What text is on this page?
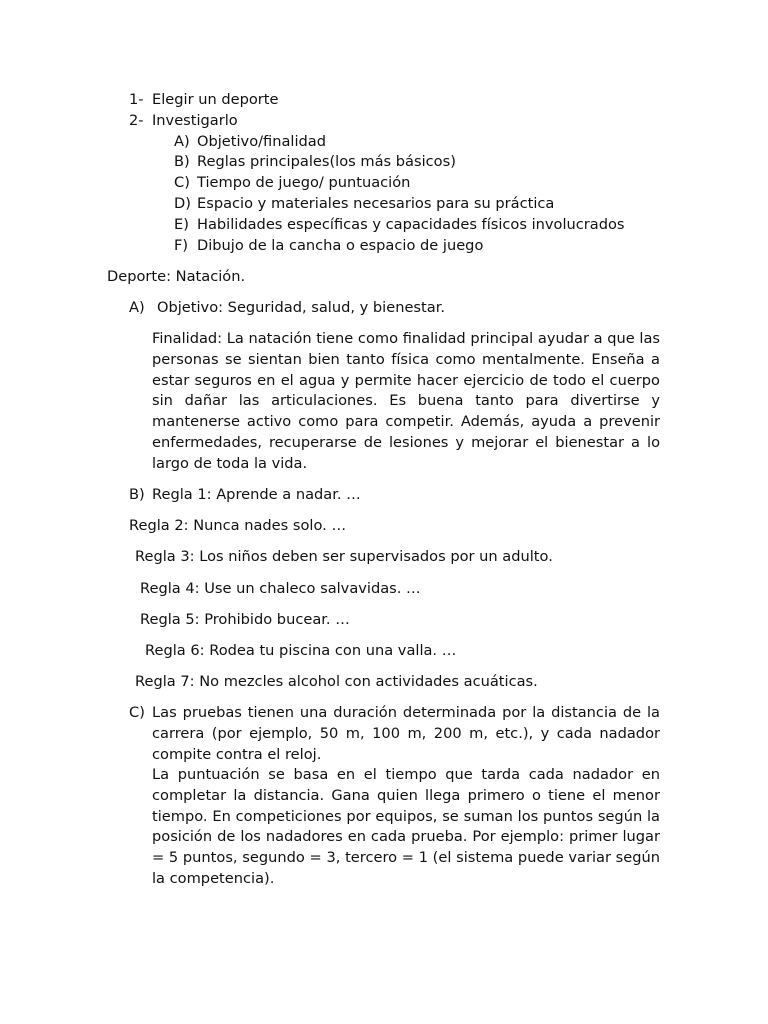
1- Elegir un deporte
2- Investigarlo
A) Objetivo/finalidad
B) Reglas principales(los más básicos)
C) Tiempo de juego/ puntuación
D) Espacio y materiales necesarios para su práctica
E) Habilidades específicas y capacidades físicos involucrados
F) Dibujo de la cancha o espacio de juego
Deporte: Natación.
A) Objetivo: Seguridad, salud, y bienestar.
Finalidad: La natación tiene como finalidad principal ayudar a que las personas se sientan bien tanto física como mentalmente. Enseña a estar seguros en el agua y permite hacer ejercicio de todo el cuerpo sin dañar las articulaciones. Es buena tanto para divertirse y mantenerse activo como para competir. Además, ayuda a prevenir enfermedades, recuperarse de lesiones y mejorar el bienestar a lo largo de toda la vida.
B) Regla 1: Aprende a nadar. …
Regla 2: Nunca nades solo. …
Regla 3: Los niños deben ser supervisados por un adulto.
Regla 4: Use un chaleco salvavidas. …
Regla 5: Prohibido bucear. …
Regla 6: Rodea tu piscina con una valla. …
Regla 7: No mezcles alcohol con actividades acuáticas.
C) Las pruebas tienen una duración determinada por la distancia de la carrera (por ejemplo, 50 m, 100 m, 200 m, etc.), y cada nadador compite contra el reloj.
La puntuación se basa en el tiempo que tarda cada nadador en completar la distancia. Gana quien llega primero o tiene el menor tiempo. En competiciones por equipos, se suman los puntos según la posición de los nadadores en cada prueba. Por ejemplo: primer lugar = 5 puntos, segundo = 3, tercero = 1 (el sistema puede variar según la competencia).
